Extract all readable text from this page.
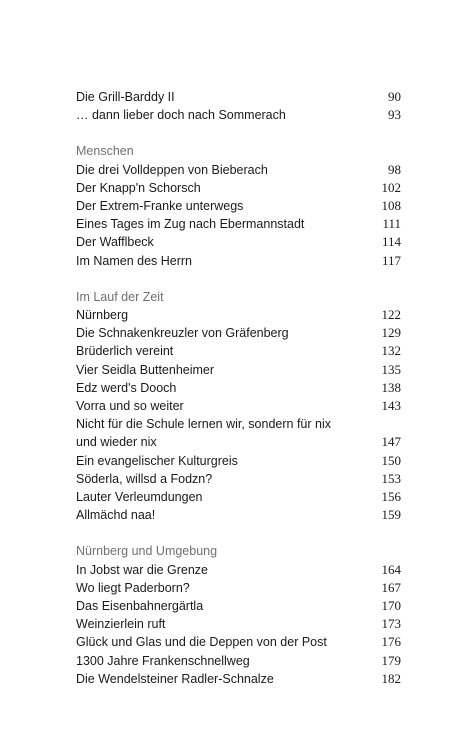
Die Grill-Barddy II	90
… dann lieber doch nach Sommerach	93
Menschen
Die drei Volldeppen von Bieberach	98
Der Knapp'n Schorsch	102
Der Extrem-Franke unterwegs	108
Eines Tages im Zug nach Ebermannstadt	111
Der Wafflbeck	114
Im Namen des Herrn	117
Im Lauf der Zeit
Nürnberg	122
Die Schnakenkreuzler von Gräfenberg	129
Brüderlich vereint	132
Vier Seidla Buttenheimer	135
Edz werd's Dooch	138
Vorra und so weiter	143
Nicht für die Schule lernen wir, sondern für nix und wieder nix	147
Ein evangelischer Kulturgreis	150
Söderla, willsd a Fodzn?	153
Lauter Verleumdungen	156
Allmächd naa!	159
Nürnberg und Umgebung
In Jobst war die Grenze	164
Wo liegt Paderborn?	167
Das Eisenbahnergärtla	170
Weinzierlein ruft	173
Glück und Glas und die Deppen von der Post	176
1300 Jahre Frankenschnellweg	179
Die Wendelsteiner Radler-Schnalze	182
